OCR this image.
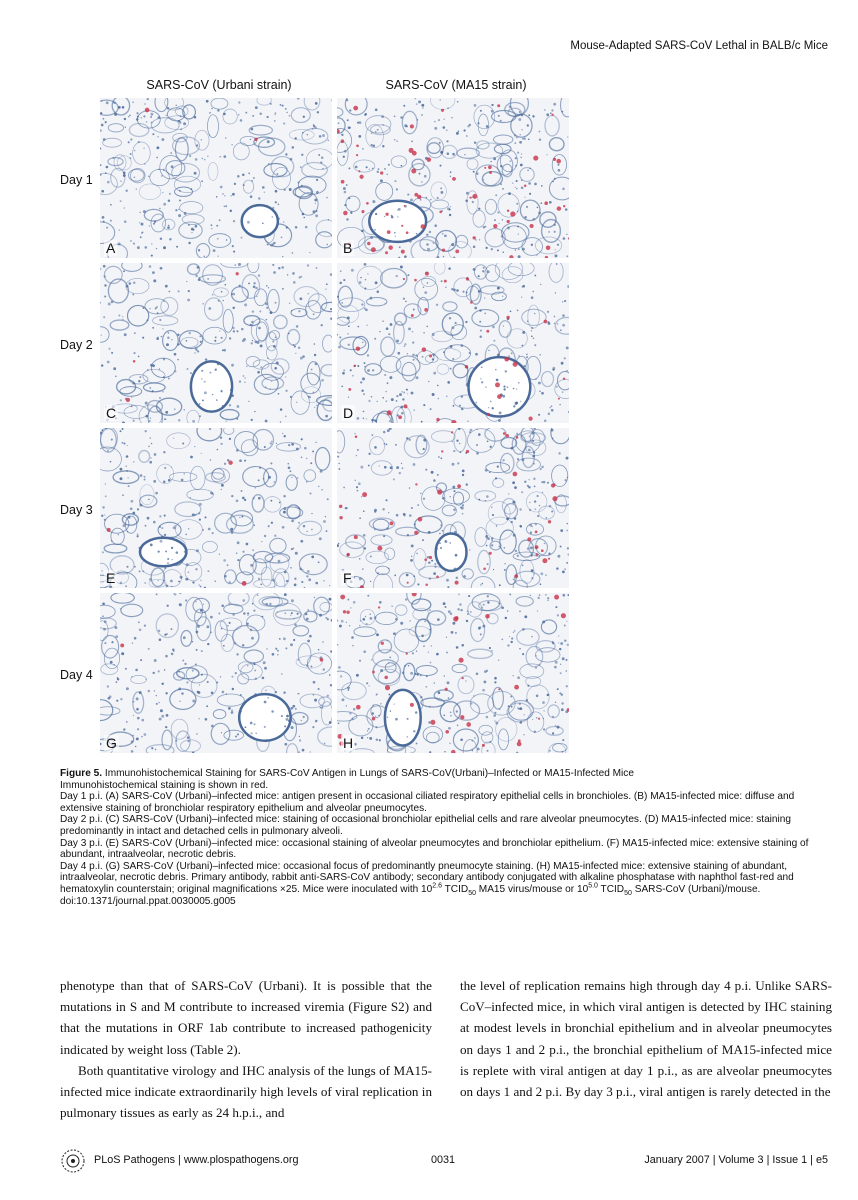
Mouse-Adapted SARS-CoV Lethal in BALB/c Mice
SARS-CoV (Urbani strain)	SARS-CoV (MA15 strain)
Day 1
Day 2
Day 3
Day 4
A	B
C	D
E	F
G	H

Figure 5. Immunohistochemical Staining for SARS-CoV Antigen in Lungs of SARS-CoV(Urbani)–Infected or MA15-Infected Mice

Immunohistochemical staining is shown in red.

Day 1 p.i. (A) SARS-CoV (Urbani)–infected mice: antigen present in occasional ciliated respiratory epithelial cells in bronchioles. (B) MA15-infected mice: diffuse and extensive staining of bronchiolar respiratory epithelium and alveolar pneumocytes.

Day 2 p.i. (C) SARS-CoV (Urbani)–infected mice: staining of occasional bronchiolar epithelial cells and rare alveolar pneumocytes. (D) MA15-infected mice: staining predominantly in intact and detached cells in pulmonary alveoli.

Day 3 p.i. (E) SARS-CoV (Urbani)–infected mice: occasional staining of alveolar pneumocytes and bronchiolar epithelium. (F) MA15-infected mice: extensive staining of abundant, intraalveolar, necrotic debris.

Day 4 p.i. (G) SARS-CoV (Urbani)–infected mice: occasional focus of predominantly pneumocyte staining. (H) MA15-infected mice: extensive staining of abundant, intraalveolar, necrotic debris. Primary antibody, rabbit anti-SARS-CoV antibody; secondary antibody conjugated with alkaline phosphatase with naphthol fast-red and hematoxylin counterstain; original magnifications ×25. Mice were inoculated with $10^{2.6}$ $TCID_{50}$ MA15 virus/mouse or $10^{5.0}$ $TCID_{50}$ SARS-CoV (Urbani)/mouse.

doi:10.1371/journal.ppat.0030005.g005

phenotype than that of SARS-CoV (Urbani). It is possible that the mutations in S and M contribute to increased viremia (Figure S2) and that the mutations in ORF 1ab contribute to increased pathogenicity indicated by weight loss (Table 2).

Both quantitative virology and IHC analysis of the lungs of MA15-infected mice indicate extraordinarily high levels of viral replication in pulmonary tissues as early as 24 h.p.i., and

the level of replication remains high through day 4 p.i. Unlike SARS-CoV–infected mice, in which viral antigen is detected by IHC staining at modest levels in bronchial epithelium and in alveolar pneumocytes on days 1 and 2 p.i., the bronchial epithelium of MA15-infected mice is replete with viral antigen at day 1 p.i., as are alveolar pneumocytes on days 1 and 2 p.i. By day 3 p.i., viral antigen is rarely detected in the

PLoS Pathogens | www.plospathogens.org	0031	January 2007 | Volume 3 | Issue 1 | e5
